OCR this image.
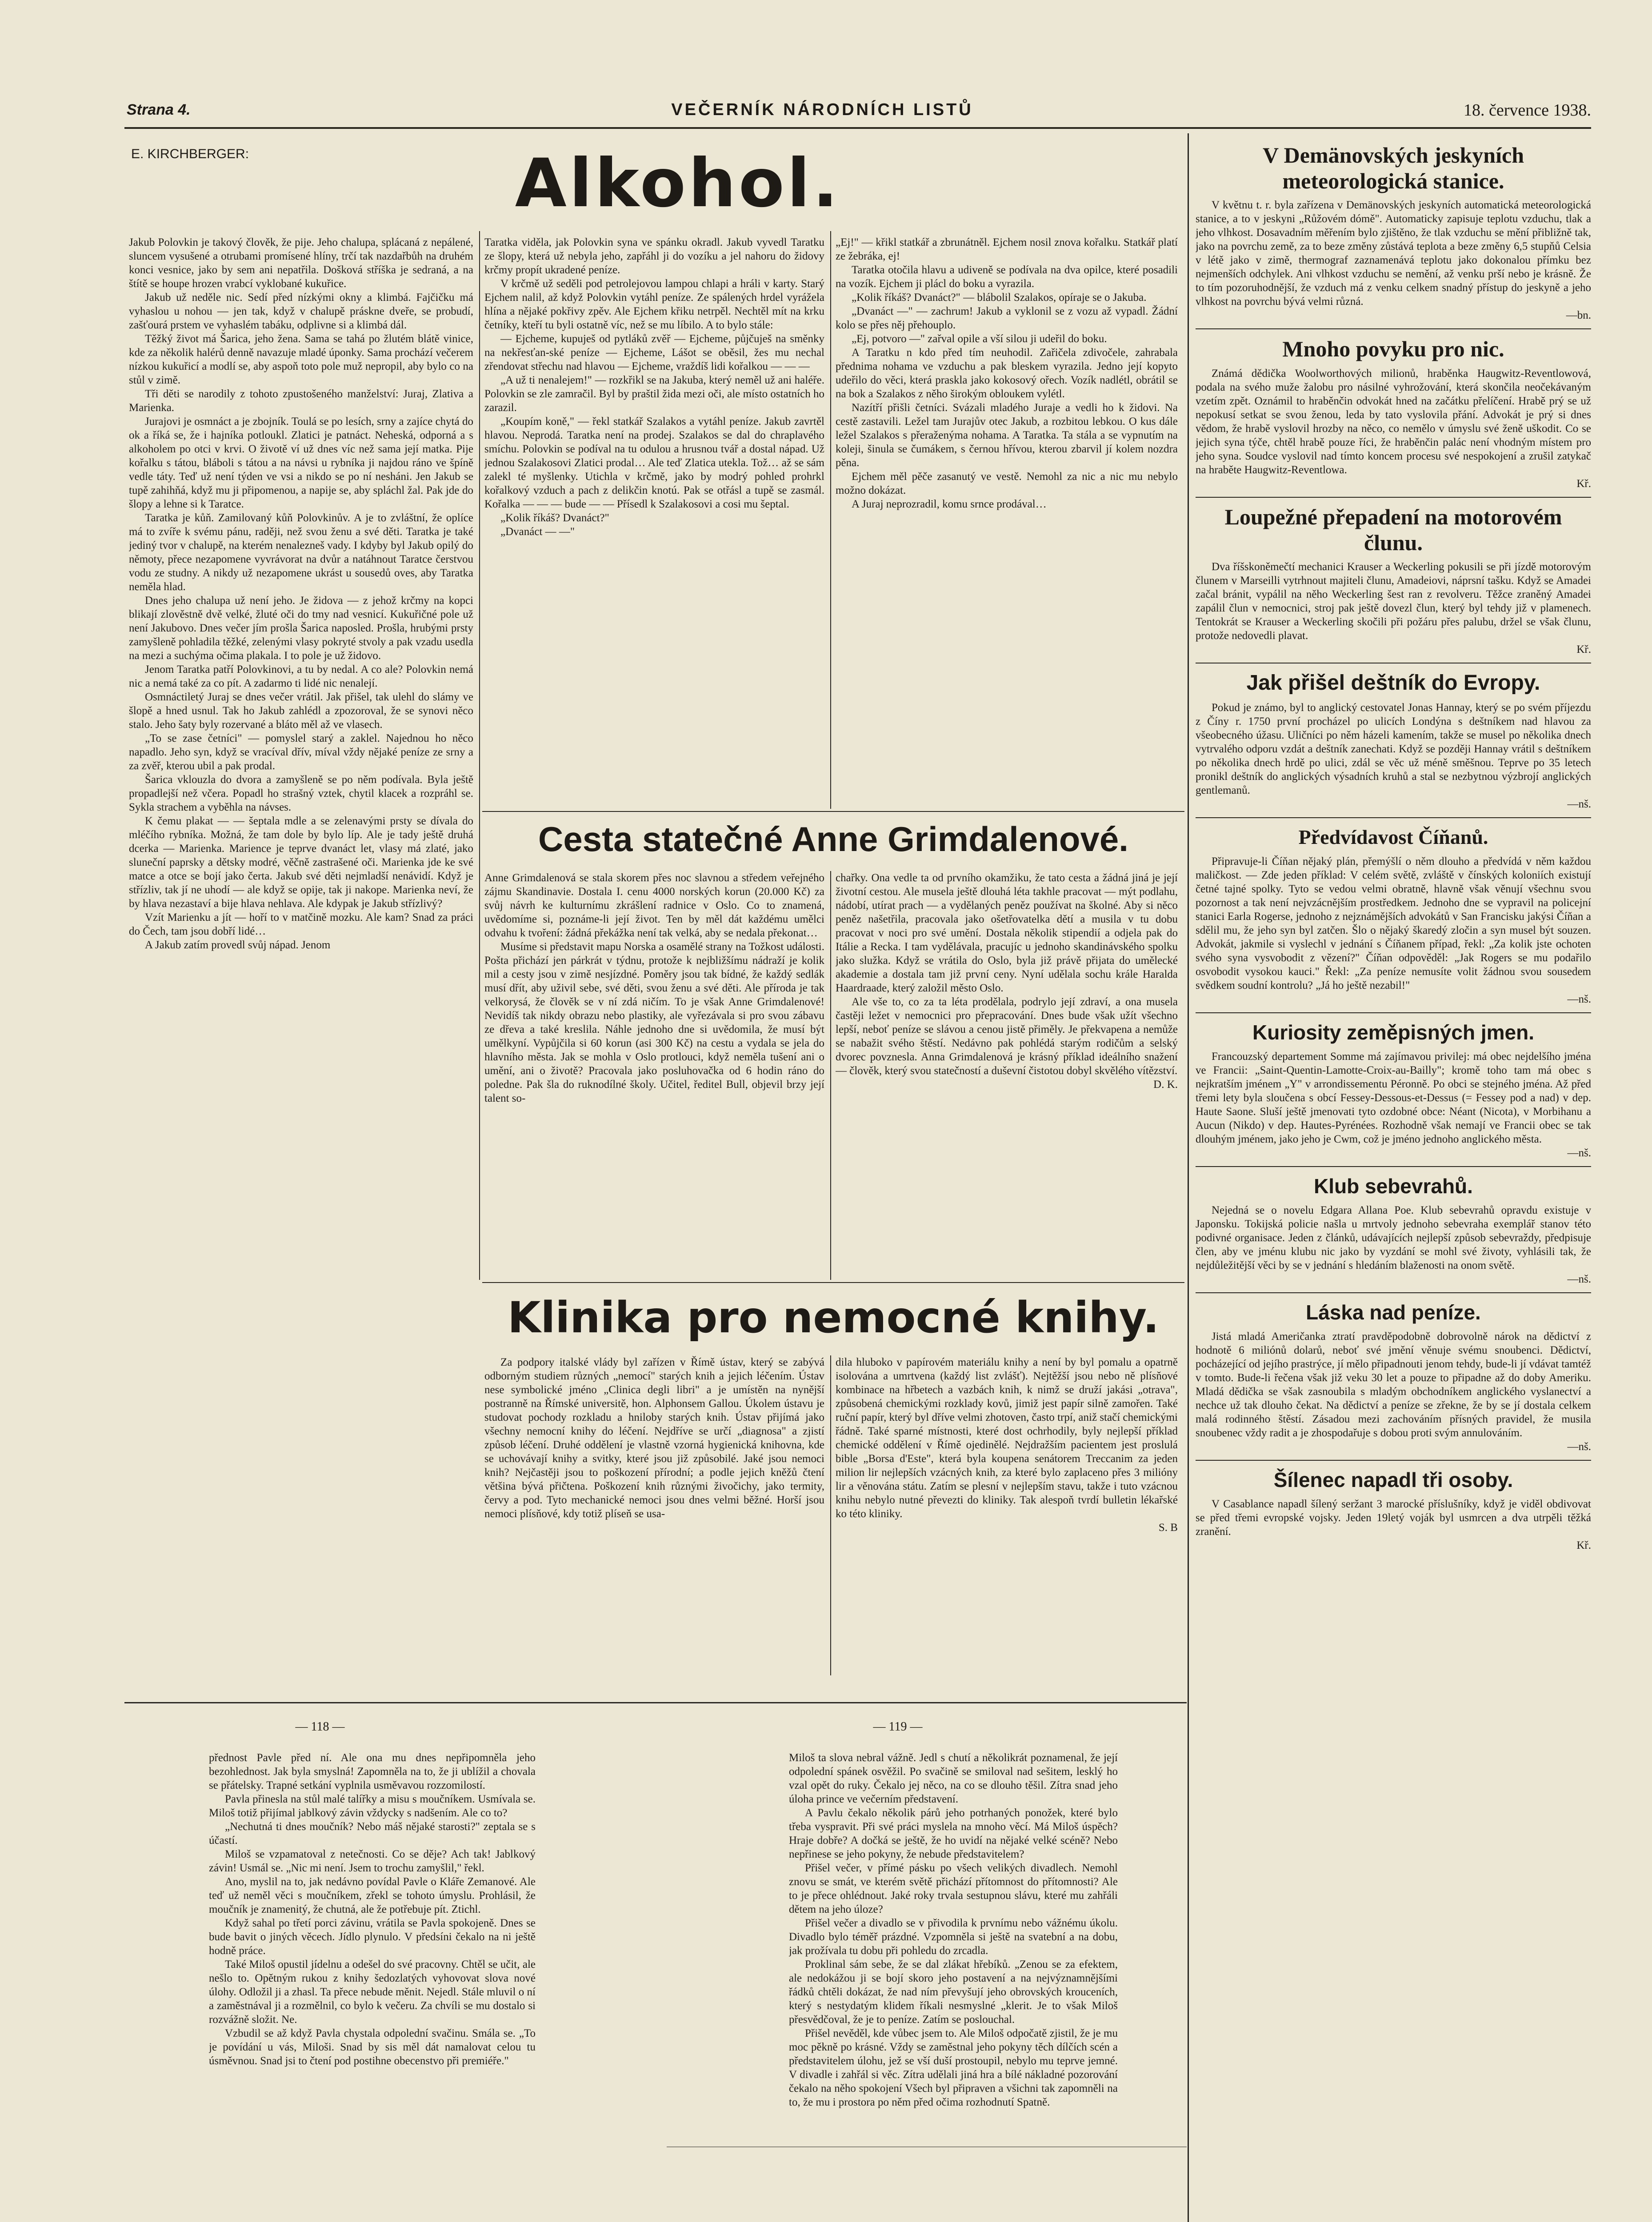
Strana 4.	VEČERNÍK NÁRODNÍCH LISTŮ	18. července 1938.
E. KIRCHBERGER:	Alkohol.

Jakub Polovkin je takový člověk, že pije. Jeho chalupa, splácaná z nepálené, sluncem vysušené a otrubami promísené hlíny, trčí tak nazdařbůh na druhém konci vesnice, jako by sem ani nepatřila. Došková stříška je sedraná, a na štítě se houpe hrozen vrabcí vyklobané kukuřice.

Jakub už neděle nic. Sedí před nízkými okny a klimbá. Fajčičku má vyhaslou u nohou — jen tak, když v chalupě práskne dveře, se probudí, zašťourá prstem ve vyhaslém tabáku, odplivne si a klimbá dál.

Těžký život má Šarica, jeho žena. Sama se tahá po žlutém blátě vinice, kde za několik halérů denně navazuje mladé úponky. Sama prochází večerem nízkou kukuřicí a modlí se, aby aspoň toto pole muž nepropil, aby bylo co na stůl v zimě.

Tři děti se narodily z tohoto zpustošeného manželství: Juraj, Zlativa a Marienka.

Jurajovi je osmnáct a je zbojník. Toulá se po lesích, srny a zajíce chytá do ok a říká se, že i hajníka potloukl. Zlatici je patnáct. Neheská, odporná a s alkoholem po otci v krvi. O životě ví už dnes víc než sama její matka. Pije kořalku s tátou, bláboli s tátou a na návsi u rybníka ji najdou ráno ve špíně vedle táty. Teď už není týden ve vsi a nikdo se po ní nesháni. Jen Jakub se tupě zahihňá, když mu ji připomenou, a napije se, aby spláchl žal. Pak jde do šlopy a lehne si k Taratce.

Taratka je kůň. Zamilovaný kůň Polovkinův. A je to zvláštní, že oplíce má to zvíře k svému pánu, raději, než svou ženu a své děti. Taratka je také jediný tvor v chalupě, na kterém nenalezneš vady. I kdyby byl Jakub opilý do němoty, přece nezapomene vyvrávorat na dvůr a natáhnout Taratce čerstvou vodu ze studny. A nikdy už nezapomene ukrást u sousedů oves, aby Taratka neměla hlad.

Dnes jeho chalupa už není jeho. Je židova — z jehož krčmy na kopci blikají zlověstně dvě velké, žluté oči do tmy nad vesnicí. Kukuřičné pole už není Jakubovo. Dnes večer jím prošla Šarica naposled. Prošla, hrubými prsty zamyšleně pohladila těžké, zelenými vlasy pokryté stvoly a pak vzadu usedla na mezi a suchýma očima plakala. I to pole je už židovo.

Jenom Taratka patří Polovkinovi, a tu by nedal. A co ale? Polovkin nemá nic a nemá také za co pít. A zadarmo ti lidé nic nenalejí.

Osmnáctiletý Juraj se dnes večer vrátil. Jak přišel, tak ulehl do slámy ve šlopě a hned usnul. Tak ho Jakub zahlédl a zpozoroval, že se synovi něco stalo. Jeho šaty byly rozervané a bláto měl až ve vlasech.

„To se zase četníci" — pomyslel starý a zaklel. Najednou ho něco napadlo. Jeho syn, když se vracíval dřív, míval vždy nějaké peníze ze srny a za zvěř, kterou ubil a pak prodal.

Šarica vklouzla do dvora a zamyšleně se po něm podívala. Byla ještě propadlejší než včera. Popadl ho strašný vztek, chytil klacek a rozpráhl se. Sykla strachem a vyběhla na návses.

K čemu plakat — — šeptala mdle a se zelenavými prsty se dívala do mléčího rybníka. Možná, že tam dole by bylo líp. Ale je tady ještě druhá dcerka — Marienka. Marience je teprve dvanáct let, vlasy má zlaté, jako sluneční paprsky a dětsky modré, věčně zastrašené oči. Marienka jde ke své matce a otce se bojí jako čerta. Jakub své děti nejmladší nenávidí. Když je střízliv, tak jí ne uhodí — ale když se opije, tak ji nakope. Marienka neví, že by hlava nezastaví a bije hlava nehlava. Ale kdypak je Jakub střízlivý?

Vzít Marienku a jít — hoří to v matčině mozku. Ale kam? Snad za práci do Čech, tam jsou dobří lidé…

A Jakub zatím provedl svůj nápad. Jenom

Taratka viděla, jak Polovkin syna ve spánku okradl. Jakub vyvedl Taratku ze šlopy, která už nebyla jeho, zapřáhl ji do vozíku a jel nahoru do židovy krčmy propít ukradené peníze.

V krčmě už seděli pod petrolejovou lampou chlapi a hráli v karty. Starý Ejchem nalil, až když Polovkin vytáhl peníze. Ze spálených hrdel vyrážela hlína a nějaké pokřivy zpěv. Ale Ejchem křiku netrpěl. Nechtěl mít na krku četníky, kteří tu byli ostatně víc, než se mu líbilo. A to bylo stále:

— Ejcheme, kupuješ od pytláků zvěř — Ejcheme, půjčuješ na směnky na nekřesťan-ské peníze — Ejcheme, Lášot se oběsil, žes mu nechal zřendovat střechu nad hlavou — Ejcheme, vraždíš lidi kořalkou — — —

„A už ti nenalejem!" — rozkřikl se na Jakuba, který neměl už ani haléře. Polovkin se zle zamračil. Byl by praštil žida mezi oči, ale místo ostatních ho zarazil.

„Koupím koně," — řekl statkář Szalakos a vytáhl peníze. Jakub zavrtěl hlavou. Neprodá. Taratka není na prodej. Szalakos se dal do chraplavého smíchu. Polovkin se podíval na tu odulou a hrusnou tvář a dostal nápad. Už jednou Szalakosovi Zlatici prodal… Ale teď Zlatica utekla. Tož… až se sám zalekl té myšlenky. Utichla v krčmě, jako by modrý pohled prohrkl kořalkový vzduch a pach z delikčin knotú. Pak se otřásl a tupě se zasmál. Kořalka — — — bude — — Přísedl k Szalakosovi a cosi mu šeptal.

„Kolik říkáš? Dvanáct?"

„Dvanáct — —"

„Ej!" — křikl statkář a zbrunátněl. Ejchem nosil znova kořalku. Statkář platí ze žebráka, ej!

Taratka otočila hlavu a udiveně se podívala na dva opilce, které posadili na vozík. Ejchem ji plácl do boku a vyrazila.

„Kolik říkáš? Dvanáct?" — blábolil Szalakos, opíraje se o Jakuba.

„Dvanáct —" — zachrum! Jakub a vyklonil se z vozu až vypadl. Žádní kolo se přes něj přehouplo.

„Ej, potvoro —" zařval opile a vší silou ji udeřil do boku.

A Taratku n kdo před tím neuhodil. Zařičela zdivočele, zahrabala přednima nohama ve vzduchu a pak bleskem vyrazila. Jedno její kopyto udeřilo do věci, která praskla jako kokosový ořech. Vozík nadlétl, obrátil se na bok a Szalakos z něho širokým obloukem vylétl.

Nazítří přišli četníci. Svázali mladého Juraje a vedli ho k židovi. Na cestě zastavili. Ležel tam Jurajův otec Jakub, a rozbitou lebkou. O kus dále ležel Szalakos s přeraženýma nohama. A Taratka. Ta stála a se vypnutím na koleji, šinula se čumákem, s černou hřívou, kterou zbarvil jí kolem nozdra pěna.

Ejchem měl pěče zasanutý ve vestě. Nemohl za nic a nic mu nebylo možno dokázat.

A Juraj neprozradil, komu srnce prodával…

Cesta statečné Anne Grimdalenové.

Anne Grimdalenová se stala skorem přes noc slavnou a středem veřejného zájmu Skandinavie. Dostala I. cenu 4000 norských korun (20.000 Kč) za svůj návrh ke kulturnímu zkrášlení radnice v Oslo. Co to znamená, uvědomíme si, poznáme-li její život. Ten by měl dát každému umělci odvahu k tvoření: žádná překážka není tak velká, aby se nedala překonat…

Musíme si představit mapu Norska a osamělé strany na Tožkost události. Pošta přichází jen párkrát v týdnu, protože k nejbližšímu nádraží je kolik mil a cesty jsou v zimě nesjízdné. Poměry jsou tak bídné, že každý sedlák musí dřít, aby uživil sebe, své děti, svou ženu a své děti. Ale příroda je tak velkorysá, že člověk se v ní zdá ničím. To je však Anne Grimdalenové! Nevidíš tak nikdy obrazu nebo plastiky, ale vyřezávala si pro svou zábavu ze dřeva a také kreslila. Náhle jednoho dne si uvědomila, že musí být umělkyní. Vypůjčila si 60 korun (asi 300 Kč) na cestu a vydala se jela do hlavního města. Jak se mohla v Oslo protlouci, když neměla tušení ani o umění, ani o životě? Pracovala jako posluhovačka od 6 hodin ráno do poledne. Pak šla do ruknodílné školy. Učitel, ředitel Bull, objevil brzy její talent so-

chařky. Ona vedle ta od prvního okamžiku, že tato cesta a žádná jiná je její životní cestou. Ale musela ještě dlouhá léta takhle pracovat — mýt podlahu, nádobí, utírat prach — a vydělaných peněz používat na školné. Aby si něco peněz našetřila, pracovala jako ošetřovatelka dětí a musila v tu dobu pracovat v noci pro své umění. Dostala několik stipendií a odjela pak do Itálie a Recka. I tam vydělávala, pracujíc u jednoho skandinávského spolku jako služka. Když se vrátila do Oslo, byla již právě přijata do umělecké akademie a dostala tam již první ceny. Nyní udělala sochu krále Haralda Haardraade, který založil město Oslo.

Ale vše to, co za ta léta prodělala, podrylo její zdraví, a ona musela častěji ležet v nemocnici pro přepracování. Dnes bude však užít všechno lepší, neboť peníze se slávou a cenou jistě přiměly. Je překvapena a nemůže se nabažit svého štěstí. Nedávno pak pohlédá starým rodičům a selský dvorec povznesla. Anna Grimdalenová je krásný příklad ideálního snažení — člověk, který svou statečností a duševní čistotou dobyl skvělého vítězství.

D. K.

Klinika pro nemocné knihy.

Za podpory italské vlády byl zařízen v Římě ústav, který se zabývá odborným studiem různých „nemocí" starých knih a jejich léčením. Ústav nese symbolické jméno „Clinica degli libri" a je umístěn na nynější postranně na Římské universitě, hon. Alphonsem Gallou. Úkolem ústavu je studovat pochody rozkladu a hniloby starých knih. Ústav přijímá jako všechny nemocní knihy do léčení. Nejdříve se určí „diagnosa" a zjistí způsob léčení. Druhé oddělení je vlastně vzorná hygienická knihovna, kde se uchovávají knihy a svitky, které jsou již způsobilé. Jaké jsou nemoci knih? Nejčastěji jsou to poškození přírodní; a podle jejich kněžů čtení většina bývá přičtena. Poškození knih různými živočichy, jako termity, červy a pod. Tyto mechanické nemoci jsou dnes velmi běžné. Horší jsou nemoci plísňové, kdy totiž plíseň se usa-

dila hluboko v papírovém materiálu knihy a není by byl pomalu a opatrně isolována a umrtvena (každý list zvlášť). Nejtěžší jsou nebo ně plísňové kombinace na hřbetech a vazbách knih, k nimž se druží jakási „otrava", způsobená chemickými rozklady kovů, jimiž jest papír silně zamořen. Také ruční papír, který byl dříve velmi zhotoven, často trpí, aniž stačí chemickými řádně. Také sparné místnosti, které dost ochrhodily, byly nejlepší příklad chemické oddělení v Římě ojedinělé. Nejdražším pacientem jest proslulá bible „Borsa d'Este", která byla koupena senátorem Treccanim za jeden milion lir nejlepších vzácných knih, za které bylo zaplaceno přes 3 milióny lir a věnována státu. Zatím se plesní v nejlepším stavu, takže i tuto vzácnou knihu nebylo nutné převezti do kliniky. Tak alespoň tvrdí bulletin lékařské ko této kliniky.

S. B

— 118 —	— 119 —

přednost Pavle před ní. Ale ona mu dnes nepřipomněla jeho bezohlednost. Jak byla smyslná! Zapomněla na to, že ji ublížil a chovala se přátelsky. Trapné setkání vyplnila usměvavou rozzomilostí.

Pavla přinesla na stůl malé talířky a misu s moučníkem. Usmívala se. Miloš totiž přijímal jablkový závin vždycky s nadšením. Ale co to?

„Nechutná ti dnes moučník? Nebo máš nějaké starosti?" zeptala se s účastí.

Miloš se vzpamatoval z netečnosti. Co se děje? Ach tak! Jablkový závin! Usmál se. „Nic mi není. Jsem to trochu zamyšlil," řekl.

Ano, myslil na to, jak nedávno povídal Pavle o Kláře Zemanové. Ale teď už neměl věci s moučníkem, zřekl se tohoto úmyslu. Prohlásil, že moučník je znamenitý, že chutná, ale že potřebuje pít. Ztichl.

Když sahal po třetí porci závinu, vrátila se Pavla spokojeně. Dnes se bude bavit o jiných věcech. Jídlo plynulo. V předsíni čekalo na ni ještě hodně práce.

Také Miloš opustil jídelnu a odešel do své pracovny. Chtěl se učit, ale nešlo to. Opětným rukou z knihy šedozlatých vyhovovat slova nové úlohy. Odložil ji a zhasl. Ta přece nebude měnit. Nejedl. Stále mluvil o ní a zaměstnával ji a rozmělnil, co bylo k večeru. Za chvíli se mu dostalo si rozvážně složit. Ne.

Vzbudil se až když Pavla chystala odpolední svačinu. Smála se. „To je povídání u vás, Miloši. Snad by sis měl dát namalovat celou tu úsměvnou. Snad jsi to čtení pod postihne obecenstvo při premiéře."

Miloš ta slova nebral vážně. Jedl s chutí a několikrát poznamenal, že její odpolední spánek osvěžil. Po svačině se smiloval nad sešitem, lesklý ho vzal opět do ruky. Čekalo jej něco, na co se dlouho těšil. Zítra snad jeho úloha prince ve večerním představení.

A Pavlu čekalo několik párů jeho potrhaných ponožek, které bylo třeba vyspravit. Při své práci myslela na mnoho věcí. Má Miloš úspěch? Hraje dobře? A dočká se ještě, že ho uvidí na nějaké velké scéně? Nebo nepřinese se jeho pokyny, že nebude představitelem?

Přišel večer, v přímé pásku po všech velikých divadlech. Nemohl znovu se smát, ve kterém světě přichází přítomnost do přítomnosti? Ale to je přece ohlédnout. Jaké roky trvala sestupnou slávu, které mu zahřáli dětem na jeho úloze?

Přišel večer a divadlo se v přivodila k prvnímu nebo vážnému úkolu. Divadlo bylo téměř prázdné. Vzpomněla si ještě na svatební a na dobu, jak prožívala tu dobu při pohledu do zrcadla.

Proklinal sám sebe, že se dal zlákat hřebíků. „Zenou se za efektem, ale nedokážou ji se bojí skoro jeho postavení a na nejvýznamnějšími řádků chtěli dokázat, že nad ním převyšují jeho obrovských krouceních, který s nestydatým klidem říkali nesmyslné „klerit. Je to však Miloš přesvědčoval, že je to peníze. Zatím se poslouchal.

Přišel nevěděl, kde vůbec jsem to. Ale Miloš odpočatě zjistil, že je mu moc pěkně po krásné. Vždy se zaměstnal jeho pokyny těch dílčích scén a představitelem úlohu, jež se vší duší prostoupil, nebylo mu teprve jemné. V divadle i zahřál si věc. Zítra udělali jiná hra a bílé nákladné pozorování čekalo na něho spokojení Všech byl připraven a všichni tak zapomněli na to, že mu i prostora po něm před očima rozhodnutí Spatně.

V Demänovských jeskyních meteorologická stanice.

V květnu t. r. byla zařízena v Demänovských jeskyních automatická meteorologická stanice, a to v jeskyni „Růžovém dómě". Automaticky zapisuje teplotu vzduchu, tlak a jeho vlhkost. Dosavadním měřením bylo zjištěno, že tlak vzduchu se mění přibližně tak, jako na povrchu země, za to beze změny zůstává teplota a beze změny 6,5 stupňů Celsia v létě jako v zimě, thermograf zaznamenává teplotu jako dokonalou přímku bez nejmenších odchylek. Ani vlhkost vzduchu se nemění, až venku prší nebo je krásně. Že to tím pozoruhodnější, že vzduch má z venku celkem snadný přístup do jeskyně a jeho vlhkost na povrchu bývá velmi různá.

—bn.

Mnoho povyku pro nic.

Známá dědička Woolworthových milionů, hraběnka Haugwitz-Reventlowová, podala na svého muže žalobu pro násilné vyhrožování, která skončila neočekávaným vzetím zpět. Oznámil to hraběnčin odvokát hned na začátku přelíčení. Hrabě prý se už nepokusí setkat se svou ženou, leda by tato vyslovila přání. Advokát je prý si dnes vědom, že hrabě vyslovil hrozby na něco, co nemělo v úmyslu své ženě uškodit. Co se jejich syna týče, chtěl hrabě pouze říci, že hraběnčin palác není vhodným místem pro jeho syna. Soudce vyslovil nad tímto koncem procesu své nespokojení a zrušil zatykač na hraběte Haugwitz-Reventlowa.

Kř.

Loupežné přepadení na motorovém člunu.

Dva říšskoněmečtí mechanici Krauser a Weckerling pokusili se při jízdě motorovým člunem v Marseilli vytrhnout majiteli člunu, Amadeiovi, náprsní tašku. Když se Amadei začal bránit, vypálil na něho Weckerling šest ran z revolveru. Těžce zraněný Amadei zapálil člun v nemocnici, stroj pak ještě dovezl člun, který byl tehdy již v plamenech. Tentokrát se Krauser a Weckerling skočili při požáru přes palubu, držel se však člunu, protože nedovedli plavat.

Kř.

Jak přišel deštník do Evropy.

Pokud je známo, byl to anglický cestovatel Jonas Hannay, který se po svém příjezdu z Číny r. 1750 první procházel po ulicích Londýna s deštníkem nad hlavou za všeobecného úžasu. Uličníci po něm házeli kamením, takže se musel po několika dnech vytrvalého odporu vzdát a deštník zanechati. Když se později Hannay vrátil s deštníkem po několika dnech hrdě po ulici, zdál se věc už méně směšnou. Teprve po 35 letech pronikl deštník do anglických výsadních kruhů a stal se nezbytnou výzbrojí anglických gentlemanů.

—nš.

Předvídavost Číňanů.

Připravuje-li Číňan nějaký plán, přemýšlí o něm dlouho a předvídá v něm každou maličkost. — Zde jeden příklad: V celém světě, zvláště v čínských koloniích existují četné tajné spolky. Tyto se vedou velmi obratně, hlavně však věnují všechnu svou pozornost a tak není nejvzácnějším prostředkem. Jednoho dne se vypravil na policejní stanici Earla Rogerse, jednoho z nejznámějších advokátů v San Francisku jakýsi Číňan a sdělil mu, že jeho syn byl zatčen. Šlo o nějaký škaredý zločin a syn musel být souzen. Advokát, jakmile si vyslechl v jednání s Číňanem případ, řekl: „Za kolik jste ochoten svého syna vysvobodit z vězení?" Číňan odpověděl: „Jak Rogers se mu podařilo osvobodit vysokou kauci." Řekl: „Za peníze nemusíte volit žádnou svou sousedem svědkem soudní kontrolu? „Já ho ještě nezabil!"

—nš.

Kuriosity zeměpisných jmen.

Francouzský departement Somme má zajímavou privilej: má obec nejdelšího jména ve Francii: „Saint-Quentin-Lamotte-Croix-au-Bailly"; kromě toho tam má obec s nejkratším jménem „Y" v arrondissementu Péronně. Po obci se stejného jména. Až před třemi lety byla sloučena s obcí Fessey-Dessous-et-Dessus (= Fessey pod a nad) v dep. Haute Saone. Sluší ještě jmenovati tyto ozdobné obce: Néant (Nicota), v Morbihanu a Aucun (Nikdo) v dep. Hautes-Pyrénées. Rozhodně však nemají ve Francii obec se tak dlouhým jménem, jako jeho je Cwm, což je jméno jednoho anglického města.

—nš.

Klub sebevrahů.

Nejedná se o novelu Edgara Allana Poe. Klub sebevrahů opravdu existuje v Japonsku. Tokijská policie našla u mrtvoly jednoho sebevraha exemplář stanov této podivné organisace. Jeden z článků, udávajících nejlepší způsob sebevraždy, předpisuje člen, aby ve jménu klubu nic jako by vyzdání se mohl své životy, vyhlásili tak, že nejdůležitější věci by se v jednání s hledáním blaženosti na onom světě.

—nš.

Láska nad peníze.

Jistá mladá Američanka ztratí pravděpodobně dobrovolně nárok na dědictví z hodnotě 6 miliónů dolarů, neboť své jmění věnuje svému snoubenci. Dědictví, pocházející od jejího prastrýce, jí mělo připadnouti jenom tehdy, bude-li jí vdávat tamtéž v tomto. Bude-li řečena však již veku 30 let a pouze to připadne až do doby Ameriku. Mladá dědička se však zasnoubila s mladým obchodníkem anglického vyslanectví a nechce už tak dlouho čekat. Na dědictví a peníze se zřekne, že by se jí dostala celkem malá rodinného štěstí. Zásadou mezi zachováním přísných pravidel, že musila snoubenec vždy radit a je zhospodařuje s dobou proti svým annulováním.

—nš.

Šílenec napadl tři osoby.

V Casablance napadl šílený seržant 3 marocké příslušníky, když je viděl obdivovat se před třemi evropské vojsky. Jeden 19letý voják byl usmrcen a dva utrpěli těžká zranění.

Kř.
